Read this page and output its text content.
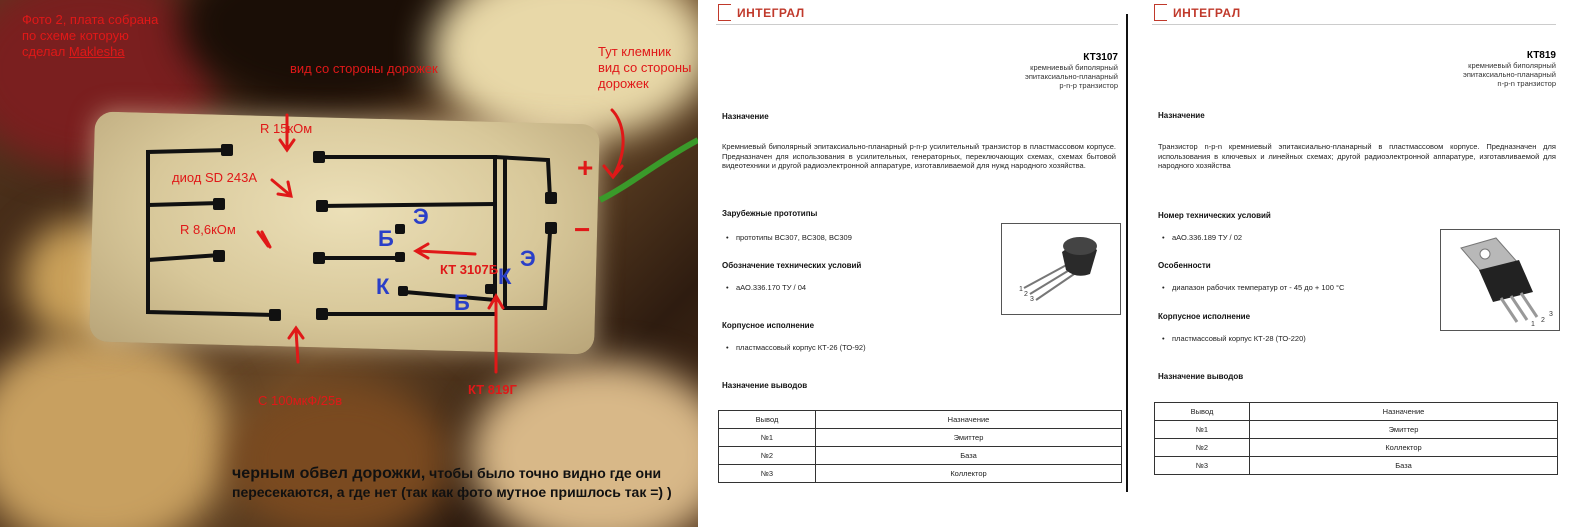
Фото 2, плата собрана
по схеме которую
сделал Maklesha
вид со стороны дорожек
Тут клемник
вид со стороны
дорожек
R 15кОм
диод SD 243A
R 8,6кОм
КТ 3107Б
КТ 819Г
C 100мкФ/25в
+
−
Э
Б
К	К
Э
Б
черным обвел дорожки, чтобы было точно видно где они пересекаются, а где нет (так как фото мутное пришлось так =) )
ИНТЕГРАЛ
КТ3107
кремниевый биполярный
эпитаксиально-планарный
р-n-р транзистор
Назначение
Кремниевый биполярный эпитаксиально-планарный р-n-р усилительный транзистор в пластмассовом корпусе. Предназначен для использования в усилительных, генераторных, переключающих схемах, схемах бытовой видеотехники и другой радиоэлектронной аппаратуре, изготавливаемой для нужд народного хозяйства.
Зарубежные прототипы
• прототипы BC307, BC308, BC309
Обозначение технических условий
• аАО.336.170 ТУ / 04
Корпусное исполнение
• пластмассовый корпус КТ-26 (ТО-92)
Назначение выводов
1
2
3
Вывод	Назначение
№1	Эмиттер
№2	База
№3	Коллектор
ИНТЕГРАЛ
КТ819
кремниевый биполярный
эпитаксиально-планарный
n-р-n транзистор
Назначение
Транзистор n-р-n кремниевый эпитаксиально-планарный в пластмассовом корпусе. Предназначен для использования в ключевых и линейных схемах; другой радиоэлектронной аппаратуре, изготавливаемой для народного хозяйства
Номер технических условий
• аАО.336.189 ТУ / 02
Особенности
• диапазон рабочих температур от - 45 до + 100 °С
Корпусное исполнение
• пластмассовый корпус КТ-28 (ТО-220)
Назначение выводов
1
2
3
Вывод	Назначение
№1	Эмиттер
№2	Коллектор
№3	База
